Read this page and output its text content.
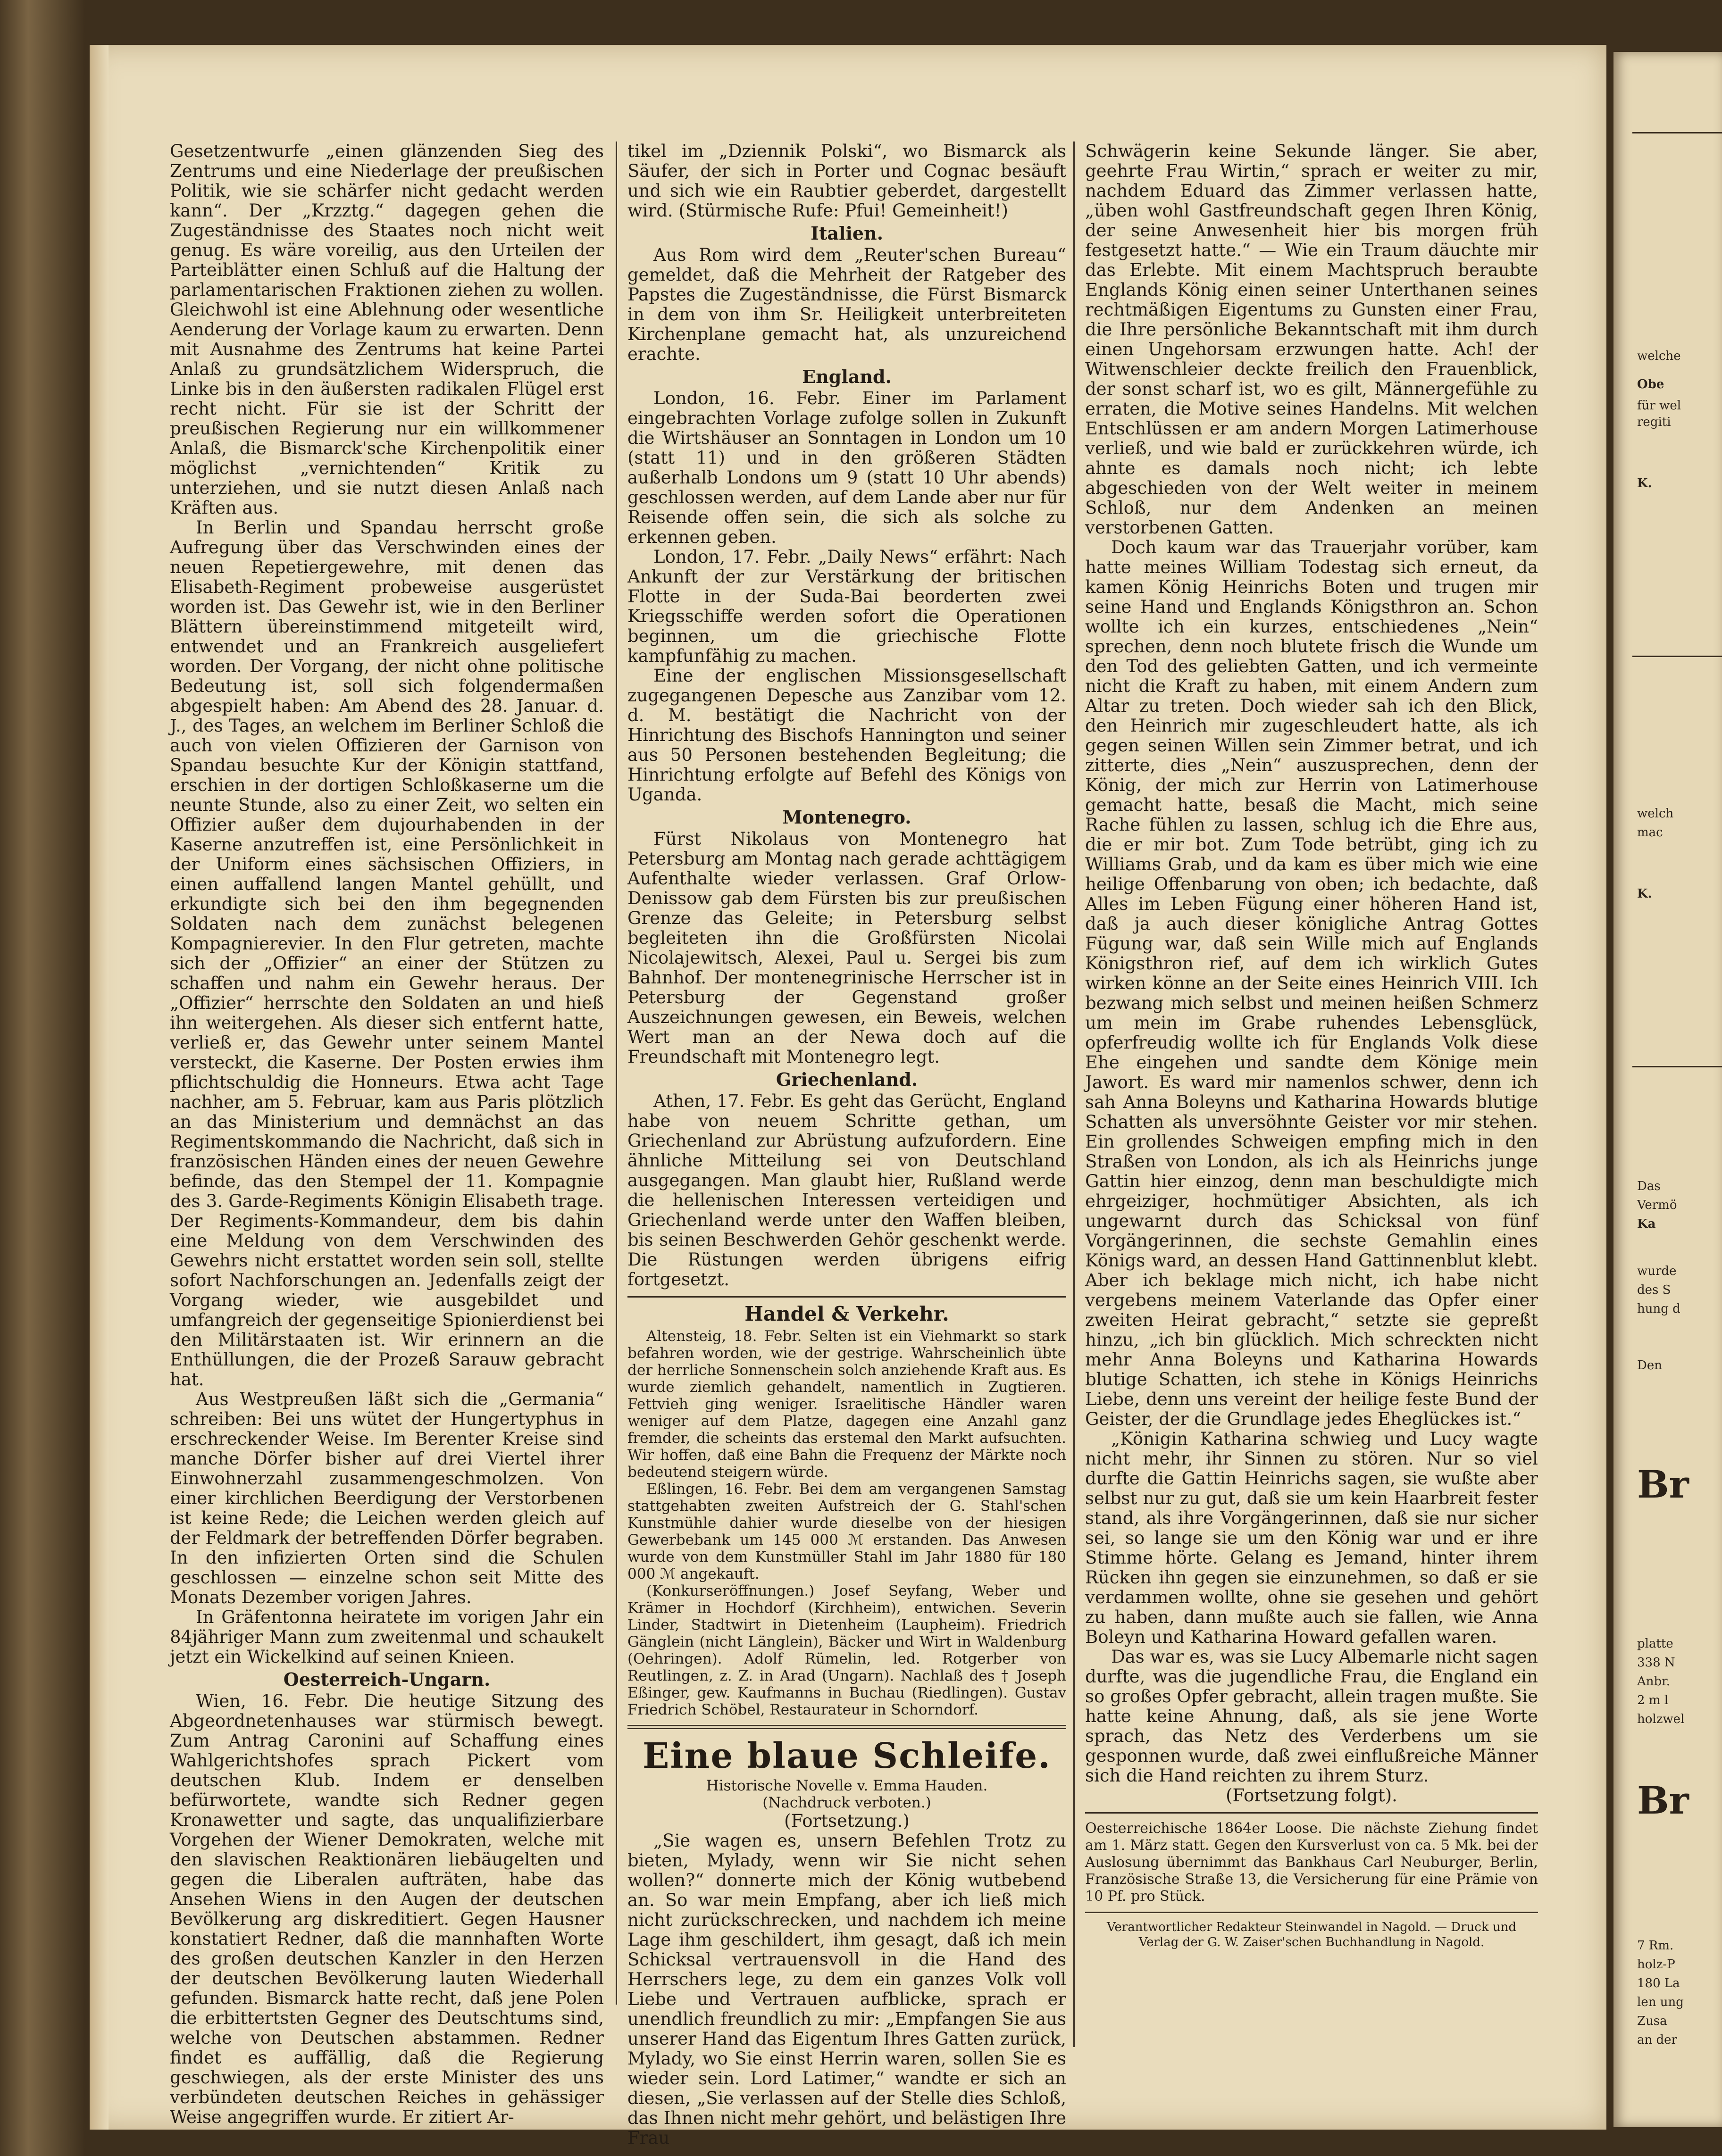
Gesetzentwurfe „einen glänzenden Sieg des Zentrums und eine Niederlage der preußischen Politik, wie sie schärfer nicht gedacht werden kann“. Der „Krzztg.“ dagegen gehen die Zugeständnisse des Staates noch nicht weit genug. Es wäre voreilig, aus den Urteilen der Parteiblätter einen Schluß auf die Haltung der parlamentarischen Fraktionen ziehen zu wollen. Gleichwohl ist eine Ablehnung oder wesentliche Aenderung der Vorlage kaum zu erwarten. Denn mit Ausnahme des Zentrums hat keine Partei Anlaß zu grundsätzlichem Widerspruch, die Linke bis in den äußersten radikalen Flügel erst recht nicht. Für sie ist der Schritt der preußischen Regierung nur ein willkommener Anlaß, die Bismarck'sche Kirchenpolitik einer möglichst „vernichtenden“ Kritik zu unterziehen, und sie nutzt diesen Anlaß nach Kräften aus.

In Berlin und Spandau herrscht große Aufregung über das Verschwinden eines der neuen Repetiergewehre, mit denen das Elisabeth-Regiment probeweise ausgerüstet worden ist. Das Gewehr ist, wie in den Berliner Blättern übereinstimmend mitgeteilt wird, entwendet und an Frankreich ausgeliefert worden. Der Vorgang, der nicht ohne politische Bedeutung ist, soll sich folgendermaßen abgespielt haben: Am Abend des 28. Januar. d. J., des Tages, an welchem im Berliner Schloß die auch von vielen Offizieren der Garnison von Spandau besuchte Kur der Königin stattfand, erschien in der dortigen Schloßkaserne um die neunte Stunde, also zu einer Zeit, wo selten ein Offizier außer dem dujourhabenden in der Kaserne anzutreffen ist, eine Persönlichkeit in der Uniform eines sächsischen Offiziers, in einen auffallend langen Mantel gehüllt, und erkundigte sich bei den ihm begegnenden Soldaten nach dem zunächst belegenen Kompagnierevier. In den Flur getreten, machte sich der „Offizier“ an einer der Stützen zu schaffen und nahm ein Gewehr heraus. Der „Offizier“ herrschte den Soldaten an und hieß ihn weitergehen. Als dieser sich entfernt hatte, verließ er, das Gewehr unter seinem Mantel versteckt, die Kaserne. Der Posten erwies ihm pflichtschuldig die Honneurs. Etwa acht Tage nachher, am 5. Februar, kam aus Paris plötzlich an das Ministerium und demnächst an das Regimentskommando die Nachricht, daß sich in französischen Händen eines der neuen Gewehre befinde, das den Stempel der 11. Kompagnie des 3. Garde-Regiments Königin Elisabeth trage. Der Regiments-Kommandeur, dem bis dahin eine Meldung von dem Verschwinden des Gewehrs nicht erstattet worden sein soll, stellte sofort Nachforschungen an. Jedenfalls zeigt der Vorgang wieder, wie ausgebildet und umfangreich der gegenseitige Spionierdienst bei den Militärstaaten ist. Wir erinnern an die Enthüllungen, die der Prozeß Sarauw gebracht hat.

Aus Westpreußen läßt sich die „Germania“ schreiben: Bei uns wütet der Hungertyphus in erschreckender Weise. Im Berenter Kreise sind manche Dörfer bisher auf drei Viertel ihrer Einwohnerzahl zusammengeschmolzen. Von einer kirchlichen Beerdigung der Verstorbenen ist keine Rede; die Leichen werden gleich auf der Feldmark der betreffenden Dörfer begraben. In den infizierten Orten sind die Schulen geschlossen — einzelne schon seit Mitte des Monats Dezember vorigen Jahres.

In Gräfentonna heiratete im vorigen Jahr ein 84jähriger Mann zum zweitenmal und schaukelt jetzt ein Wickelkind auf seinen Knieen.

Oesterreich-Ungarn.

Wien, 16. Febr. Die heutige Sitzung des Abgeordnetenhauses war stürmisch bewegt. Zum Antrag Caronini auf Schaffung eines Wahlgerichtshofes sprach Pickert vom deutschen Klub. Indem er denselben befürwortete, wandte sich Redner gegen Kronawetter und sagte, das unqualifizierbare Vorgehen der Wiener Demokraten, welche mit den slavischen Reaktionären liebäugelten und gegen die Liberalen aufträten, habe das Ansehen Wiens in den Augen der deutschen Bevölkerung arg diskreditiert. Gegen Hausner konstatiert Redner, daß die mannhaften Worte des großen deutschen Kanzler in den Herzen der deutschen Bevölkerung lauten Wiederhall gefunden. Bismarck hatte recht, daß jene Polen die erbittertsten Gegner des Deutschtums sind, welche von Deutschen abstammen. Redner findet es auffällig, daß die Regierung geschwiegen, als der erste Minister des uns verbündeten deutschen Reiches in gehässiger Weise angegriffen wurde. Er zitiert Ar-

tikel im „Dziennik Polski“, wo Bismarck als Säufer, der sich in Porter und Cognac besäuft und sich wie ein Raubtier geberdet, dargestellt wird. (Stürmische Rufe: Pfui! Gemeinheit!)

Italien.

Aus Rom wird dem „Reuter'schen Bureau“ gemeldet, daß die Mehrheit der Ratgeber des Papstes die Zugeständnisse, die Fürst Bismarck in dem von ihm Sr. Heiligkeit unterbreiteten Kirchenplane gemacht hat, als unzureichend erachte.

England.

London, 16. Febr. Einer im Parlament eingebrachten Vorlage zufolge sollen in Zukunft die Wirtshäuser an Sonntagen in London um 10 (statt 11) und in den größeren Städten außerhalb Londons um 9 (statt 10 Uhr abends) geschlossen werden, auf dem Lande aber nur für Reisende offen sein, die sich als solche zu erkennen geben.

London, 17. Febr. „Daily News“ erfährt: Nach Ankunft der zur Verstärkung der britischen Flotte in der Suda-Bai beorderten zwei Kriegsschiffe werden sofort die Operationen beginnen, um die griechische Flotte kampfunfähig zu machen.

Eine der englischen Missionsgesellschaft zugegangenen Depesche aus Zanzibar vom 12. d. M. bestätigt die Nachricht von der Hinrichtung des Bischofs Hannington und seiner aus 50 Personen bestehenden Begleitung; die Hinrichtung erfolgte auf Befehl des Königs von Uganda.

Montenegro.

Fürst Nikolaus von Montenegro hat Petersburg am Montag nach gerade achttägigem Aufenthalte wieder verlassen. Graf Orlow-Denissow gab dem Fürsten bis zur preußischen Grenze das Geleite; in Petersburg selbst begleiteten ihn die Großfürsten Nicolai Nicolajewitsch, Alexei, Paul u. Sergei bis zum Bahnhof. Der montenegrinische Herrscher ist in Petersburg der Gegenstand großer Auszeichnungen gewesen, ein Beweis, welchen Wert man an der Newa doch auf die Freundschaft mit Montenegro legt.

Griechenland.

Athen, 17. Febr. Es geht das Gerücht, England habe von neuem Schritte gethan, um Griechenland zur Abrüstung aufzufordern. Eine ähnliche Mitteilung sei von Deutschland ausgegangen. Man glaubt hier, Rußland werde die hellenischen Interessen verteidigen und Griechenland werde unter den Waffen bleiben, bis seinen Beschwerden Gehör geschenkt werde. Die Rüstungen werden übrigens eifrig fortgesetzt.

Handel & Verkehr.

Altensteig, 18. Febr. Selten ist ein Viehmarkt so stark befahren worden, wie der gestrige. Wahrscheinlich übte der herrliche Sonnenschein solch anziehende Kraft aus. Es wurde ziemlich gehandelt, namentlich in Zugtieren. Fettvieh ging weniger. Israelitische Händler waren weniger auf dem Platze, dagegen eine Anzahl ganz fremder, die scheints das erstemal den Markt aufsuchten. Wir hoffen, daß eine Bahn die Frequenz der Märkte noch bedeutend steigern würde.

Eßlingen, 16. Febr. Bei dem am vergangenen Samstag stattgehabten zweiten Aufstreich der G. Stahl'schen Kunstmühle dahier wurde dieselbe von der hiesigen Gewerbebank um 145 000 ℳ erstanden. Das Anwesen wurde von dem Kunstmüller Stahl im Jahr 1880 für 180 000 ℳ angekauft.

(Konkurseröffnungen.) Josef Seyfang, Weber und Krämer in Hochdorf (Kirchheim), entwichen. Severin Linder, Stadtwirt in Dietenheim (Laupheim). Friedrich Gänglein (nicht Länglein), Bäcker und Wirt in Waldenburg (Oehringen). Adolf Rümelin, led. Rotgerber von Reutlingen, z. Z. in Arad (Ungarn). Nachlaß des † Joseph Eßinger, gew. Kaufmanns in Buchau (Riedlingen). Gustav Friedrich Schöbel, Restaurateur in Schorndorf.

Eine blaue Schleife.

Historische Novelle v. Emma Hauden.

(Nachdruck verboten.)

(Fortsetzung.)

„Sie wagen es, unsern Befehlen Trotz zu bieten, Mylady, wenn wir Sie nicht sehen wollen?“ donnerte mich der König wutbebend an. So war mein Empfang, aber ich ließ mich nicht zurückschrecken, und nachdem ich meine Lage ihm geschildert, ihm gesagt, daß ich mein Schicksal vertrauensvoll in die Hand des Herrschers lege, zu dem ein ganzes Volk voll Liebe und Vertrauen aufblicke, sprach er unendlich freundlich zu mir: „Empfangen Sie aus unserer Hand das Eigentum Ihres Gatten zurück, Mylady, wo Sie einst Herrin waren, sollen Sie es wieder sein. Lord Latimer,“ wandte er sich an diesen, „Sie verlassen auf der Stelle dies Schloß, das Ihnen nicht mehr gehört, und belästigen Ihre Frau

Schwägerin keine Sekunde länger. Sie aber, geehrte Frau Wirtin,“ sprach er weiter zu mir, nachdem Eduard das Zimmer verlassen hatte, „üben wohl Gastfreundschaft gegen Ihren König, der seine Anwesenheit hier bis morgen früh festgesetzt hatte.“ — Wie ein Traum däuchte mir das Erlebte. Mit einem Machtspruch beraubte Englands König einen seiner Unterthanen seines rechtmäßigen Eigentums zu Gunsten einer Frau, die Ihre persönliche Bekanntschaft mit ihm durch einen Ungehorsam erzwungen hatte. Ach! der Witwenschleier deckte freilich den Frauenblick, der sonst scharf ist, wo es gilt, Männergefühle zu erraten, die Motive seines Handelns. Mit welchen Entschlüssen er am andern Morgen Latimerhouse verließ, und wie bald er zurückkehren würde, ich ahnte es damals noch nicht; ich lebte abgeschieden von der Welt weiter in meinem Schloß, nur dem Andenken an meinen verstorbenen Gatten.

Doch kaum war das Trauerjahr vorüber, kam hatte meines William Todestag sich erneut, da kamen König Heinrichs Boten und trugen mir seine Hand und Englands Königsthron an. Schon wollte ich ein kurzes, entschiedenes „Nein“ sprechen, denn noch blutete frisch die Wunde um den Tod des geliebten Gatten, und ich vermeinte nicht die Kraft zu haben, mit einem Andern zum Altar zu treten. Doch wieder sah ich den Blick, den Heinrich mir zugeschleudert hatte, als ich gegen seinen Willen sein Zimmer betrat, und ich zitterte, dies „Nein“ auszusprechen, denn der König, der mich zur Herrin von Latimerhouse gemacht hatte, besaß die Macht, mich seine Rache fühlen zu lassen, schlug ich die Ehre aus, die er mir bot. Zum Tode betrübt, ging ich zu Williams Grab, und da kam es über mich wie eine heilige Offenbarung von oben; ich bedachte, daß Alles im Leben Fügung einer höheren Hand ist, daß ja auch dieser königliche Antrag Gottes Fügung war, daß sein Wille mich auf Englands Königsthron rief, auf dem ich wirklich Gutes wirken könne an der Seite eines Heinrich VIII. Ich bezwang mich selbst und meinen heißen Schmerz um mein im Grabe ruhendes Lebensglück, opferfreudig wollte ich für Englands Volk diese Ehe eingehen und sandte dem Könige mein Jawort. Es ward mir namenlos schwer, denn ich sah Anna Boleyns und Katharina Howards blutige Schatten als unversöhnte Geister vor mir stehen. Ein grollendes Schweigen empfing mich in den Straßen von London, als ich als Heinrichs junge Gattin hier einzog, denn man beschuldigte mich ehrgeiziger, hochmütiger Absichten, als ich ungewarnt durch das Schicksal von fünf Vorgängerinnen, die sechste Gemahlin eines Königs ward, an dessen Hand Gattinnenblut klebt. Aber ich beklage mich nicht, ich habe nicht vergebens meinem Vaterlande das Opfer einer zweiten Heirat gebracht,“ setzte sie gepreßt hinzu, „ich bin glücklich. Mich schreckten nicht mehr Anna Boleyns und Katharina Howards blutige Schatten, ich stehe in Königs Heinrichs Liebe, denn uns vereint der heilige feste Bund der Geister, der die Grundlage jedes Eheglückes ist.“

„Königin Katharina schwieg und Lucy wagte nicht mehr, ihr Sinnen zu stören. Nur so viel durfte die Gattin Heinrichs sagen, sie wußte aber selbst nur zu gut, daß sie um kein Haarbreit fester stand, als ihre Vorgängerinnen, daß sie nur sicher sei, so lange sie um den König war und er ihre Stimme hörte. Gelang es Jemand, hinter ihrem Rücken ihn gegen sie einzunehmen, so daß er sie verdammen wollte, ohne sie gesehen und gehört zu haben, dann mußte auch sie fallen, wie Anna Boleyn und Katharina Howard gefallen waren.

Das war es, was sie Lucy Albemarle nicht sagen durfte, was die jugendliche Frau, die England ein so großes Opfer gebracht, allein tragen mußte. Sie hatte keine Ahnung, daß, als sie jene Worte sprach, das Netz des Verderbens um sie gesponnen wurde, daß zwei einflußreiche Männer sich die Hand reichten zu ihrem Sturz.

(Fortsetzung folgt).

Oesterreichische 1864er Loose. Die nächste Ziehung findet am 1. März statt. Gegen den Kursverlust von ca. 5 Mk. bei der Auslosung übernimmt das Bankhaus Carl Neuburger, Berlin, Französische Straße 13, die Versicherung für eine Prämie von 10 Pf. pro Stück.

Verantwortlicher Redakteur Steinwandel in Nagold. — Druck und Verlag der G. W. Zaiser'schen Buchhandlung in Nagold.

welche
Obe
für wel
regiti
K.
welch
mac
K.
Das
Vermö
Ka
wurde
des S
hung d
Den
Br
platte
338 N
Anbr.
2 m l
holzwel
Br
7 Rm.
holz-P
180 La
len ung
Zusa
an der
